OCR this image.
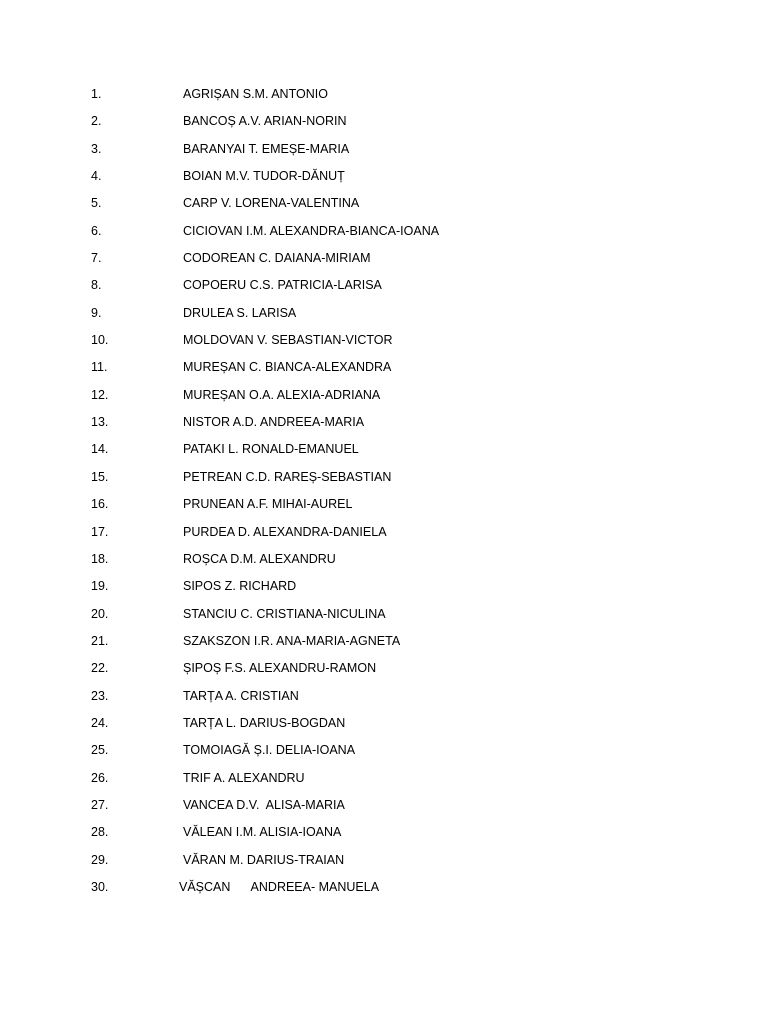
1.	AGRIȘAN S.M. ANTONIO
2.	BANCOȘ A.V. ARIAN-NORIN
3.	BARANYAI T. EMEȘE-MARIA
4.	BOIAN M.V. TUDOR-DĂNUȚ
5.	CARP V. LORENA-VALENTINA
6.	CICIOVAN I.M. ALEXANDRA-BIANCA-IOANA
7.	CODOREAN C. DAIANA-MIRIAM
8.	COPOERU C.S. PATRICIA-LARISA
9.	DRULEA S. LARISA
10.	MOLDOVAN V. SEBASTIAN-VICTOR
11.	MUREȘAN C. BIANCA-ALEXANDRA
12.	MUREȘAN O.A. ALEXIA-ADRIANA
13.	NISTOR A.D. ANDREEA-MARIA
14.	PATAKI L. RONALD-EMANUEL
15.	PETREAN C.D. RAREȘ-SEBASTIAN
16.	PRUNEAN A.F. MIHAI-AUREL
17.	PURDEA D. ALEXANDRA-DANIELA
18.	ROȘCA D.M. ALEXANDRU
19.	SIPOS Z. RICHARD
20.	STANCIU C. CRISTIANA-NICULINA
21.	SZAKSZON I.R. ANA-MARIA-AGNETA
22.	ȘIPOȘ F.S. ALEXANDRU-RAMON
23.	TARȚA A. CRISTIAN
24.	TARȚA L. DARIUS-BOGDAN
25.	TOMOIAGĂ Ș.I. DELIA-IOANA
26.	TRIF A. ALEXANDRU
27.	VANCEA D.V.  ALISA-MARIA
28.	VĂLEAN I.M. ALISIA-IOANA
29.	VĂRAN M. DARIUS-TRAIAN
30.	VĂȘCAN      ANDREEA- MANUELA
